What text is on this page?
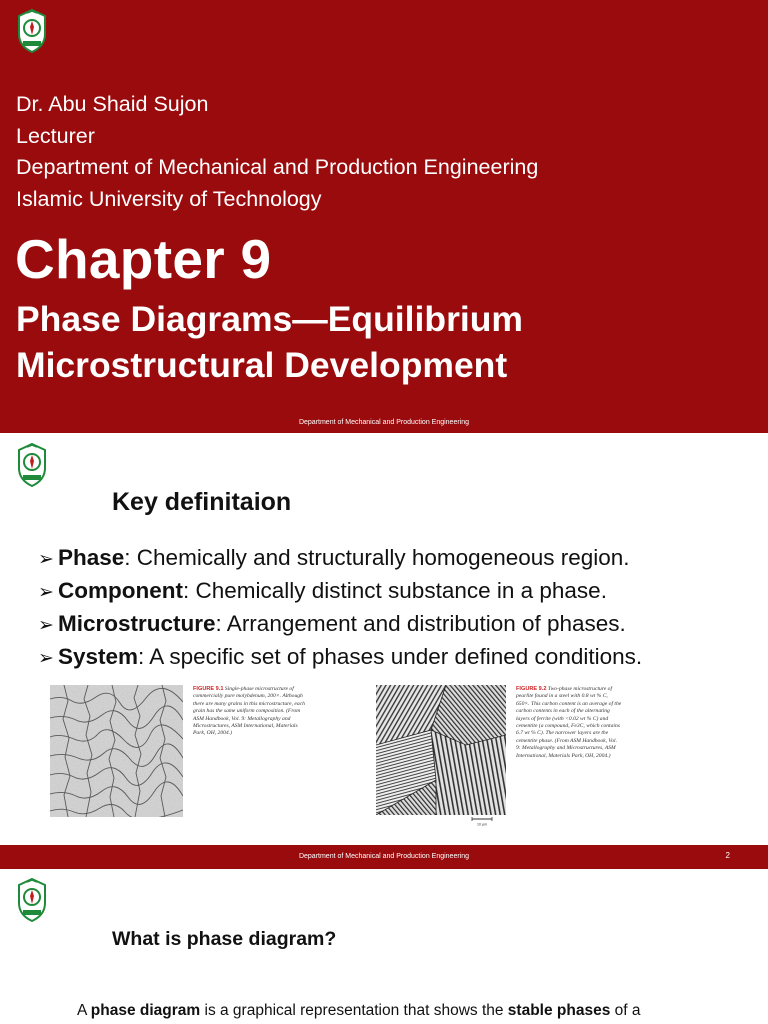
Dr. Abu Shaid Sujon
Lecturer
Department of Mechanical and Production Engineering
Islamic University of Technology
Chapter 9
Phase Diagrams—Equilibrium
Microstructural Development
Department of Mechanical and Production Engineering
Key definitaion
➢ Phase: Chemically and structurally homogeneous region.
➢ Component: Chemically distinct substance in a phase.
➢ Microstructure: Arrangement and distribution of phases.
➢ System: A specific set of phases under defined conditions.
FIGURE 9.1 Single-phase microstructure of commercially pure molybdenum, 200×. Although there are many grains in this microstructure, each grain has the same uniform composition. (From ASM Handbook, Vol. 9: Metallography and Microstructures, ASM International, Materials Park, OH, 2004.)
10 μm
FIGURE 9.2 Two-phase microstructure of pearlite found in a steel with 0.8 wt % C, 650×. This carbon content is an average of the carbon contents in each of the alternating layers of ferrite (with <0.02 wt % C) and cementite (a compound, Fe3C, which contains 6.7 wt % C). The narrower layers are the cementite phase. (From ASM Handbook, Vol. 9: Metallography and Microstructures, ASM International, Materials Park, OH, 2004.)
Department of Mechanical and Production Engineering	2
What is phase diagram?
A phase diagram is a graphical representation that shows the stable phases of a
